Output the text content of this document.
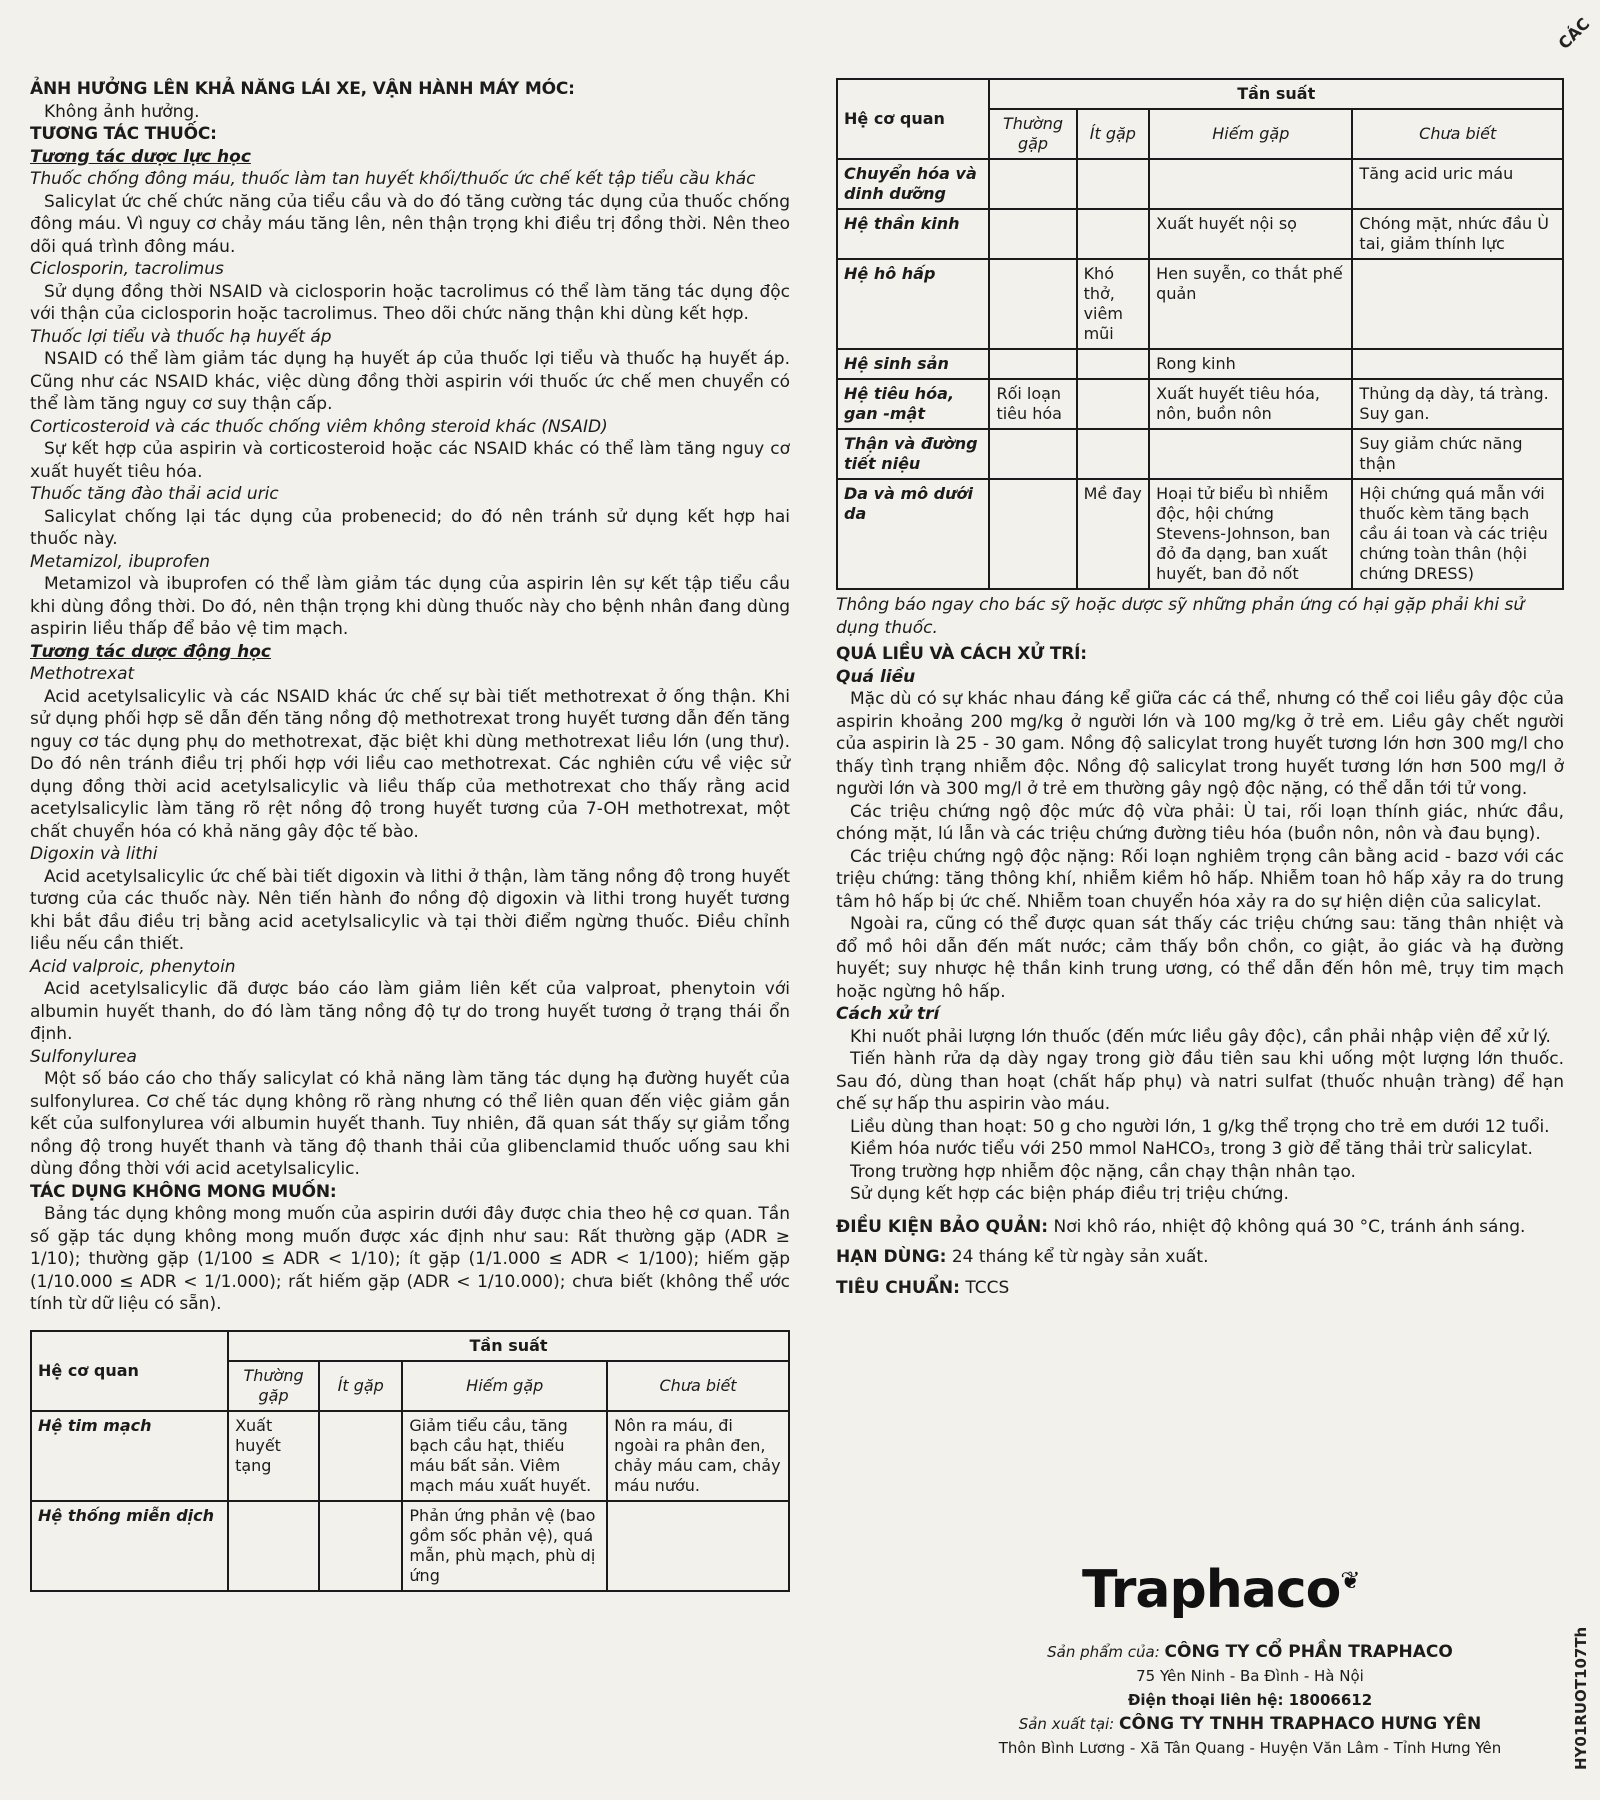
CÁC

ẢNH HƯỞNG LÊN KHẢ NĂNG LÁI XE, VẬN HÀNH MÁY MÓC:

Không ảnh hưởng.

TƯƠNG TÁC THUỐC:

Tương tác dược lực học

Thuốc chống đông máu, thuốc làm tan huyết khối/thuốc ức chế kết tập tiểu cầu khác

Salicylat ức chế chức năng của tiểu cầu và do đó tăng cường tác dụng của thuốc chống đông máu. Vì nguy cơ chảy máu tăng lên, nên thận trọng khi điều trị đồng thời. Nên theo dõi quá trình đông máu.

Ciclosporin, tacrolimus

Sử dụng đồng thời NSAID và ciclosporin hoặc tacrolimus có thể làm tăng tác dụng độc với thận của ciclosporin hoặc tacrolimus. Theo dõi chức năng thận khi dùng kết hợp.

Thuốc lợi tiểu và thuốc hạ huyết áp

NSAID có thể làm giảm tác dụng hạ huyết áp của thuốc lợi tiểu và thuốc hạ huyết áp. Cũng như các NSAID khác, việc dùng đồng thời aspirin với thuốc ức chế men chuyển có thể làm tăng nguy cơ suy thận cấp.

Corticosteroid và các thuốc chống viêm không steroid khác (NSAID)

Sự kết hợp của aspirin và corticosteroid hoặc các NSAID khác có thể làm tăng nguy cơ xuất huyết tiêu hóa.

Thuốc tăng đào thải acid uric

Salicylat chống lại tác dụng của probenecid; do đó nên tránh sử dụng kết hợp hai thuốc này.

Metamizol, ibuprofen

Metamizol và ibuprofen có thể làm giảm tác dụng của aspirin lên sự kết tập tiểu cầu khi dùng đồng thời. Do đó, nên thận trọng khi dùng thuốc này cho bệnh nhân đang dùng aspirin liều thấp để bảo vệ tim mạch.

Tương tác dược động học

Methotrexat

Acid acetylsalicylic và các NSAID khác ức chế sự bài tiết methotrexat ở ống thận. Khi sử dụng phối hợp sẽ dẫn đến tăng nồng độ methotrexat trong huyết tương dẫn đến tăng nguy cơ tác dụng phụ do methotrexat, đặc biệt khi dùng methotrexat liều lớn (ung thư). Do đó nên tránh điều trị phối hợp với liều cao methotrexat. Các nghiên cứu về việc sử dụng đồng thời acid acetylsalicylic và liều thấp của methotrexat cho thấy rằng acid acetylsalicylic làm tăng rõ rệt nồng độ trong huyết tương của 7-OH methotrexat, một chất chuyển hóa có khả năng gây độc tế bào.

Digoxin và lithi

Acid acetylsalicylic ức chế bài tiết digoxin và lithi ở thận, làm tăng nồng độ trong huyết tương của các thuốc này. Nên tiến hành đo nồng độ digoxin và lithi trong huyết tương khi bắt đầu điều trị bằng acid acetylsalicylic và tại thời điểm ngừng thuốc. Điều chỉnh liều nếu cần thiết.

Acid valproic, phenytoin

Acid acetylsalicylic đã được báo cáo làm giảm liên kết của valproat, phenytoin với albumin huyết thanh, do đó làm tăng nồng độ tự do trong huyết tương ở trạng thái ổn định.

Sulfonylurea

Một số báo cáo cho thấy salicylat có khả năng làm tăng tác dụng hạ đường huyết của sulfonylurea. Cơ chế tác dụng không rõ ràng nhưng có thể liên quan đến việc giảm gắn kết của sulfonylurea với albumin huyết thanh. Tuy nhiên, đã quan sát thấy sự giảm tổng nồng độ trong huyết thanh và tăng độ thanh thải của glibenclamid thuốc uống sau khi dùng đồng thời với acid acetylsalicylic.

TÁC DỤNG KHÔNG MONG MUỐN:

Bảng tác dụng không mong muốn của aspirin dưới đây được chia theo hệ cơ quan. Tần số gặp tác dụng không mong muốn được xác định như sau: Rất thường gặp (ADR ≥ 1/10); thường gặp (1/100 ≤ ADR < 1/10); ít gặp (1/1.000 ≤ ADR < 1/100); hiếm gặp (1/10.000 ≤ ADR < 1/1.000); rất hiếm gặp (ADR < 1/10.000); chưa biết (không thể ước tính từ dữ liệu có sẵn).

Hệ cơ quan	Tần suất			
	Thường gặp	Ít gặp	Hiếm gặp	Chưa biết
Hệ tim mạch	Xuất huyết tạng		Giảm tiểu cầu, tăng bạch cầu hạt, thiếu máu bất sản. Viêm mạch máu xuất huyết.	Nôn ra máu, đi ngoài ra phân đen, chảy máu cam, chảy máu nướu.
Hệ thống miễn dịch			Phản ứng phản vệ (bao gồm sốc phản vệ), quá mẫn, phù mạch, phù dị ứng	
Hệ cơ quan	Tần suất			
	Thường gặp	Ít gặp	Hiếm gặp	Chưa biết
Chuyển hóa và dinh dưỡng				Tăng acid uric máu
Hệ thần kinh			Xuất huyết nội sọ	Chóng mặt, nhức đầu Ù tai, giảm thính lực
Hệ hô hấp		Khó thở, viêm mũi	Hen suyễn, co thắt phế quản	
Hệ sinh sản			Rong kinh	
Hệ tiêu hóa, gan -mật	Rối loạn tiêu hóa		Xuất huyết tiêu hóa, nôn, buồn nôn	Thủng dạ dày, tá tràng. Suy gan.
Thận và đường tiết niệu				Suy giảm chức năng thận
Da và mô dưới da		Mề đay	Hoại tử biểu bì nhiễm độc, hội chứng Stevens-Johnson, ban đỏ đa dạng, ban xuất huyết, ban đỏ nốt	Hội chứng quá mẫn với thuốc kèm tăng bạch cầu ái toan và các triệu chứng toàn thân (hội chứng DRESS)

Thông báo ngay cho bác sỹ hoặc dược sỹ những phản ứng có hại gặp phải khi sử dụng thuốc.

QUÁ LIỀU VÀ CÁCH XỬ TRÍ:

Quá liều

Mặc dù có sự khác nhau đáng kể giữa các cá thể, nhưng có thể coi liều gây độc của aspirin khoảng 200 mg/kg ở người lớn và 100 mg/kg ở trẻ em. Liều gây chết người của aspirin là 25 - 30 gam. Nồng độ salicylat trong huyết tương lớn hơn 300 mg/l cho thấy tình trạng nhiễm độc. Nồng độ salicylat trong huyết tương lớn hơn 500 mg/l ở người lớn và 300 mg/l ở trẻ em thường gây ngộ độc nặng, có thể dẫn tới tử vong.

Các triệu chứng ngộ độc mức độ vừa phải: Ù tai, rối loạn thính giác, nhức đầu, chóng mặt, lú lẫn và các triệu chứng đường tiêu hóa (buồn nôn, nôn và đau bụng).

Các triệu chứng ngộ độc nặng: Rối loạn nghiêm trọng cân bằng acid - bazơ với các triệu chứng: tăng thông khí, nhiễm kiềm hô hấp. Nhiễm toan hô hấp xảy ra do trung tâm hô hấp bị ức chế. Nhiễm toan chuyển hóa xảy ra do sự hiện diện của salicylat.

Ngoài ra, cũng có thể được quan sát thấy các triệu chứng sau: tăng thân nhiệt và đổ mồ hôi dẫn đến mất nước; cảm thấy bồn chồn, co giật, ảo giác và hạ đường huyết; suy nhược hệ thần kinh trung ương, có thể dẫn đến hôn mê, trụy tim mạch hoặc ngừng hô hấp.

Cách xử trí

Khi nuốt phải lượng lớn thuốc (đến mức liều gây độc), cần phải nhập viện để xử lý.

Tiến hành rửa dạ dày ngay trong giờ đầu tiên sau khi uống một lượng lớn thuốc. Sau đó, dùng than hoạt (chất hấp phụ) và natri sulfat (thuốc nhuận tràng) để hạn chế sự hấp thu aspirin vào máu.

Liều dùng than hoạt: 50 g cho người lớn, 1 g/kg thể trọng cho trẻ em dưới 12 tuổi.

Kiềm hóa nước tiểu với 250 mmol NaHCO₃, trong 3 giờ để tăng thải trừ salicylat.

Trong trường hợp nhiễm độc nặng, cần chạy thận nhân tạo.

Sử dụng kết hợp các biện pháp điều trị triệu chứng.

ĐIỀU KIỆN BẢO QUẢN: Nơi khô ráo, nhiệt độ không quá 30 °C, tránh ánh sáng.

HẠN DÙNG: 24 tháng kể từ ngày sản xuất.

TIÊU CHUẨN: TCCS

Traphaco❦
Sản phẩm của: CÔNG TY CỔ PHẦN TRAPHACO
75 Yên Ninh - Ba Đình - Hà Nội
Điện thoại liên hệ: 18006612
Sản xuất tại: CÔNG TY TNHH TRAPHACO HƯNG YÊN
Thôn Bình Lương - Xã Tân Quang - Huyện Văn Lâm - Tỉnh Hưng Yên	HY01RUOT107Th
